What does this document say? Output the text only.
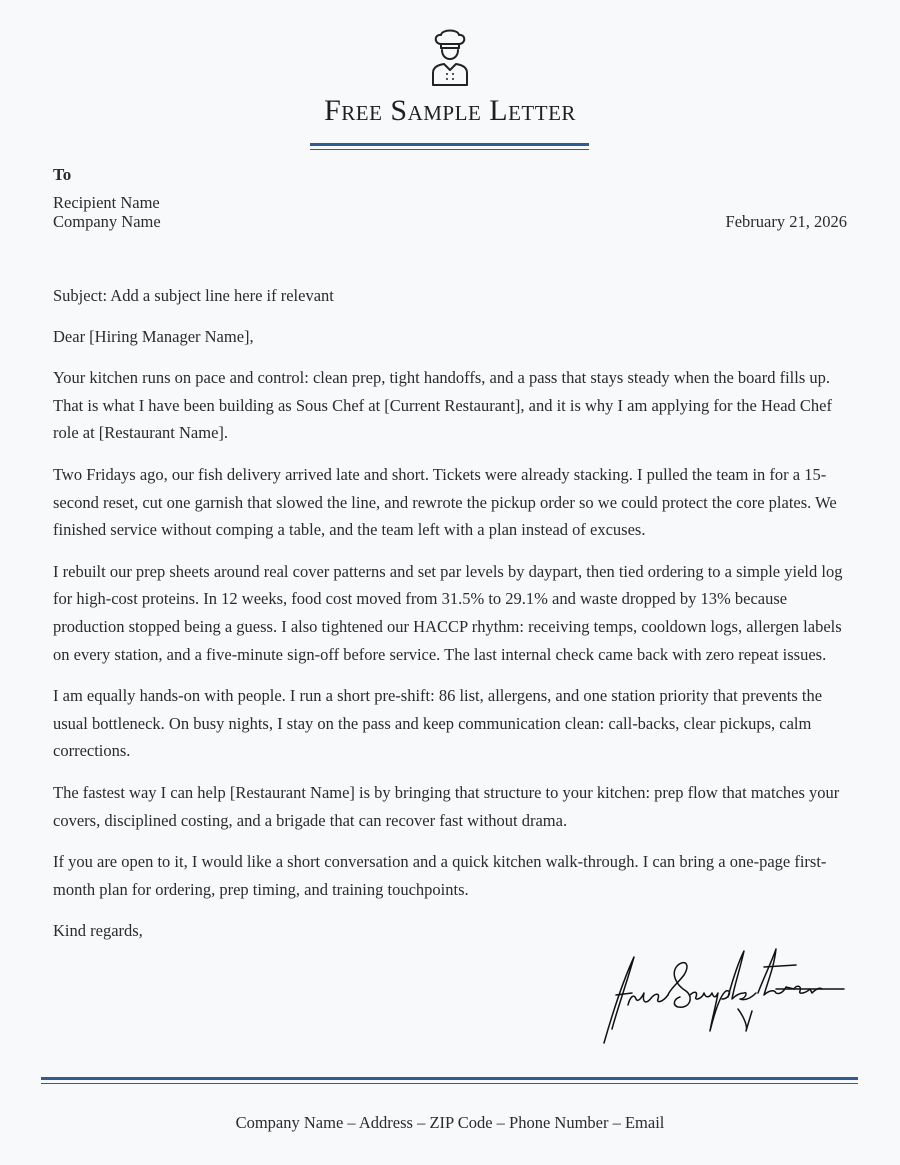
Free Sample Letter
To
Recipient Name
Company Name	February 21, 2026

Subject: Add a subject line here if relevant

Dear [Hiring Manager Name],

Your kitchen runs on pace and control: clean prep, tight handoffs, and a pass that stays steady when the board fills up. That is what I have been building as Sous Chef at [Current Restaurant], and it is why I am applying for the Head Chef role at [Restaurant Name].

Two Fridays ago, our fish delivery arrived late and short. Tickets were already stacking. I pulled the team in for a 15-second reset, cut one garnish that slowed the line, and rewrote the pickup order so we could protect the core plates. We finished service without comping a table, and the team left with a plan instead of excuses.

I rebuilt our prep sheets around real cover patterns and set par levels by daypart, then tied ordering to a simple yield log for high-cost proteins. In 12 weeks, food cost moved from 31.5% to 29.1% and waste dropped by 13% because production stopped being a guess. I also tightened our HACCP rhythm: receiving temps, cooldown logs, allergen labels on every station, and a five-minute sign-off before service. The last internal check came back with zero repeat issues.

I am equally hands-on with people. I run a short pre-shift: 86 list, allergens, and one station priority that prevents the usual bottleneck. On busy nights, I stay on the pass and keep communication clean: call-backs, clear pickups, calm corrections.

The fastest way I can help [Restaurant Name] is by bringing that structure to your kitchen: prep flow that matches your covers, disciplined costing, and a brigade that can recover fast without drama.

If you are open to it, I would like a short conversation and a quick kitchen walk-through. I can bring a one-page first-month plan for ordering, prep timing, and training touchpoints.

Kind regards,

Company Name – Address – ZIP Code – Phone Number – Email
